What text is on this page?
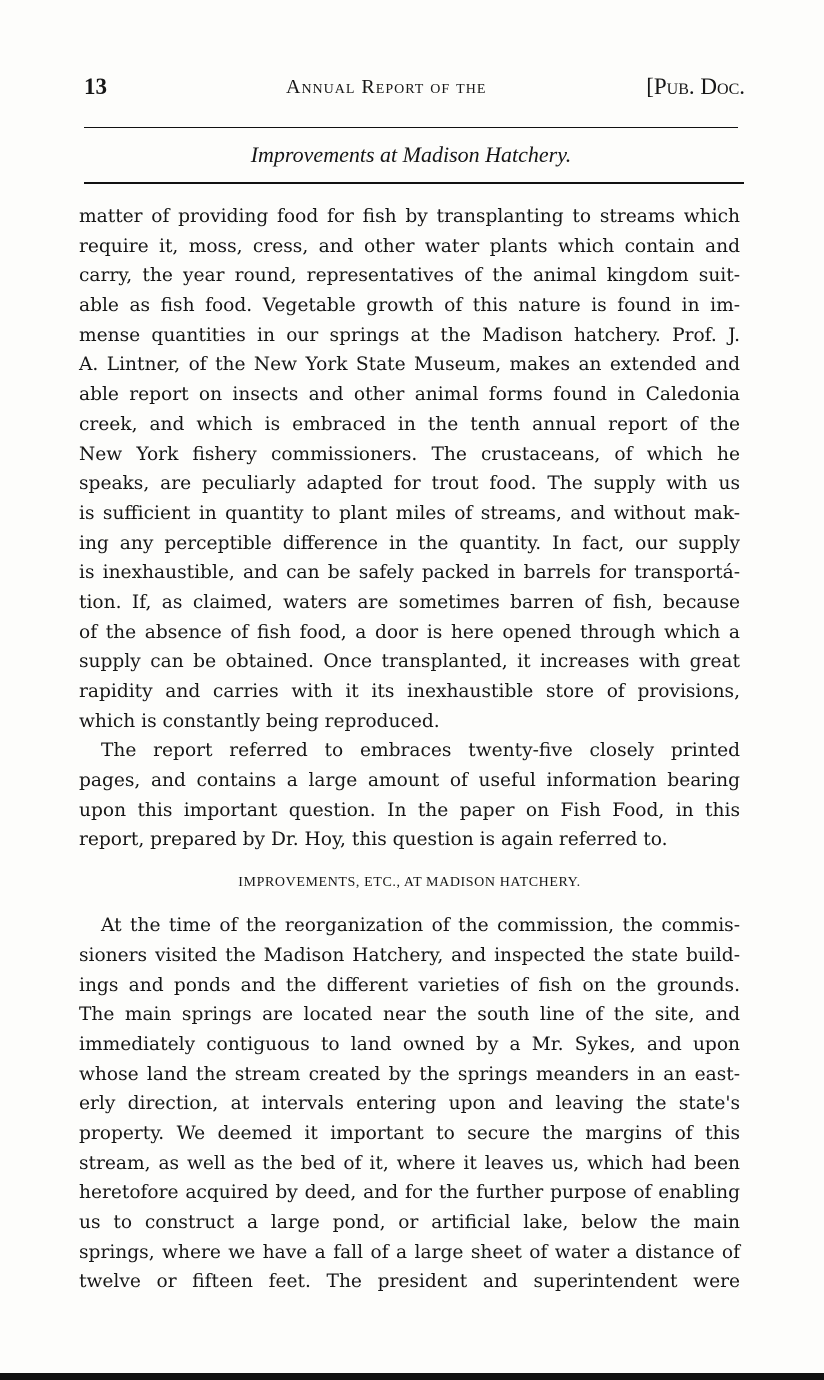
13	Annual Report of the	[Pub. Doc.
Improvements at Madison Hatchery.
matter of providing food for fish by transplanting to streams which
require it, moss, cress, and other water plants which contain and
carry, the year round, representatives of the animal kingdom suit-
able as fish food. Vegetable growth of this nature is found in im-
mense quantities in our springs at the Madison hatchery. Prof. J.
A. Lintner, of the New York State Museum, makes an extended and
able report on insects and other animal forms found in Caledonia
creek, and which is embraced in the tenth annual report of the
New York fishery commissioners. The crustaceans, of which he
speaks, are peculiarly adapted for trout food. The supply with us
is sufficient in quantity to plant miles of streams, and without mak-
ing any perceptible difference in the quantity. In fact, our supply
is inexhaustible, and can be safely packed in barrels for transportá-
tion. If, as claimed, waters are sometimes barren of fish, because
of the absence of fish food, a door is here opened through which a
supply can be obtained. Once transplanted, it increases with great
rapidity and carries with it its inexhaustible store of provisions,
which is constantly being reproduced.
The report referred to embraces twenty-five closely printed
pages, and contains a large amount of useful information bearing
upon this important question. In the paper on Fish Food, in this
report, prepared by Dr. Hoy, this question is again referred to.
IMPROVEMENTS, ETC., AT MADISON HATCHERY.
At the time of the reorganization of the commission, the commis-
sioners visited the Madison Hatchery, and inspected the state build-
ings and ponds and the different varieties of fish on the grounds.
The main springs are located near the south line of the site, and
immediately contiguous to land owned by a Mr. Sykes, and upon
whose land the stream created by the springs meanders in an east-
erly direction, at intervals entering upon and leaving the state's
property. We deemed it important to secure the margins of this
stream, as well as the bed of it, where it leaves us, which had been
heretofore acquired by deed, and for the further purpose of enabling
us to construct a large pond, or artificial lake, below the main
springs, where we have a fall of a large sheet of water a distance of
twelve or fifteen feet. The president and superintendent were
